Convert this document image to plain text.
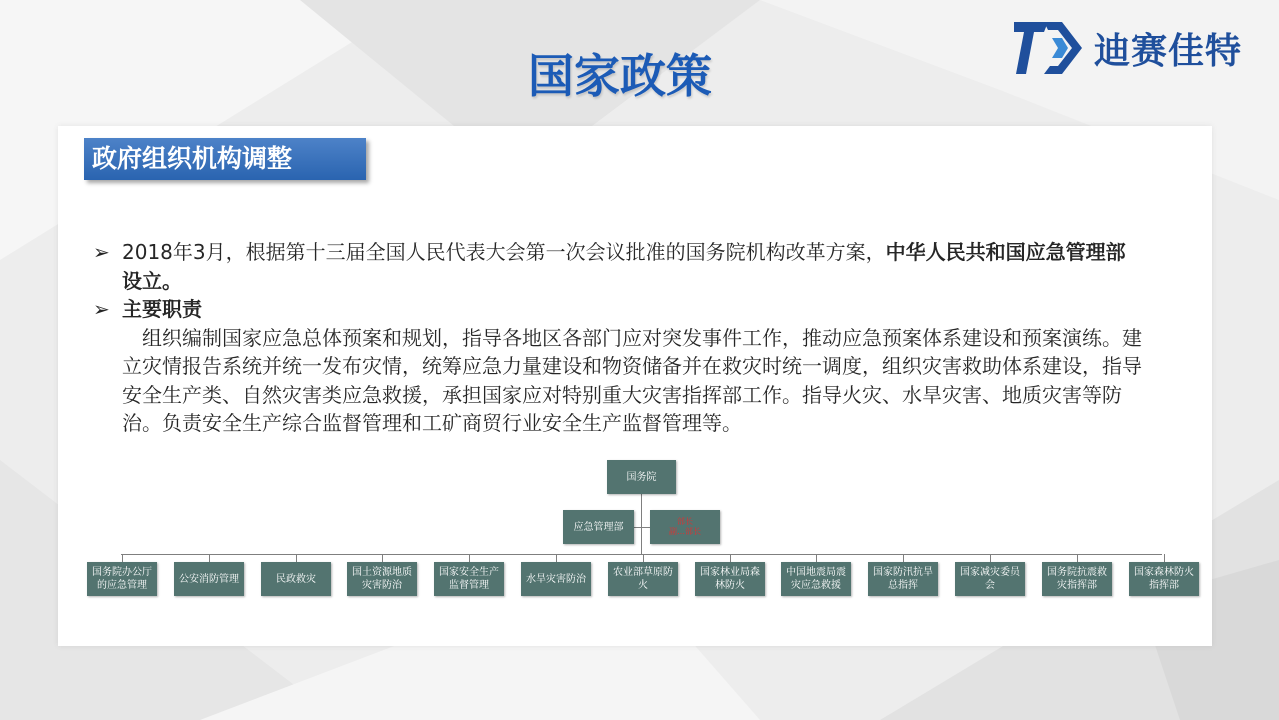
迪赛佳特
国家政策
政府组织机构调整

➢ 2018年3月，根据第十三届全国人民代表大会第一次会议批准的国务院机构改革方案，中华人民共和国应急管理部设立。

➢ 主要职责

组织编制国家应急总体预案和规划，指导各地区各部门应对突发事件工作，推动应急预案体系建设和预案演练。建立灾情报告系统并统一发布灾情，统筹应急力量建设和物资储备并在救灾时统一调度，组织灾害救助体系建设，指导安全生产类、自然灾害类应急救援，承担国家应对特别重大灾害指挥部工作。指导火灾、水旱灾害、地质灾害等防治。负责安全生产综合监督管理和工矿商贸行业安全生产监督管理等。

国务院
应急管理部	部长
副…部长
国务院办公厅
的应急管理
公安消防管理	民政救灾
国土资源地质
灾害防治
国家安全生产
监督管理
水旱灾害防治
农业部草原防
火
国家林业局森
林防火
中国地震局震
灾应急救援
国家防汛抗旱
总指挥
国家减灾委员
会
国务院抗震救
灾指挥部
国家森林防火
指挥部
